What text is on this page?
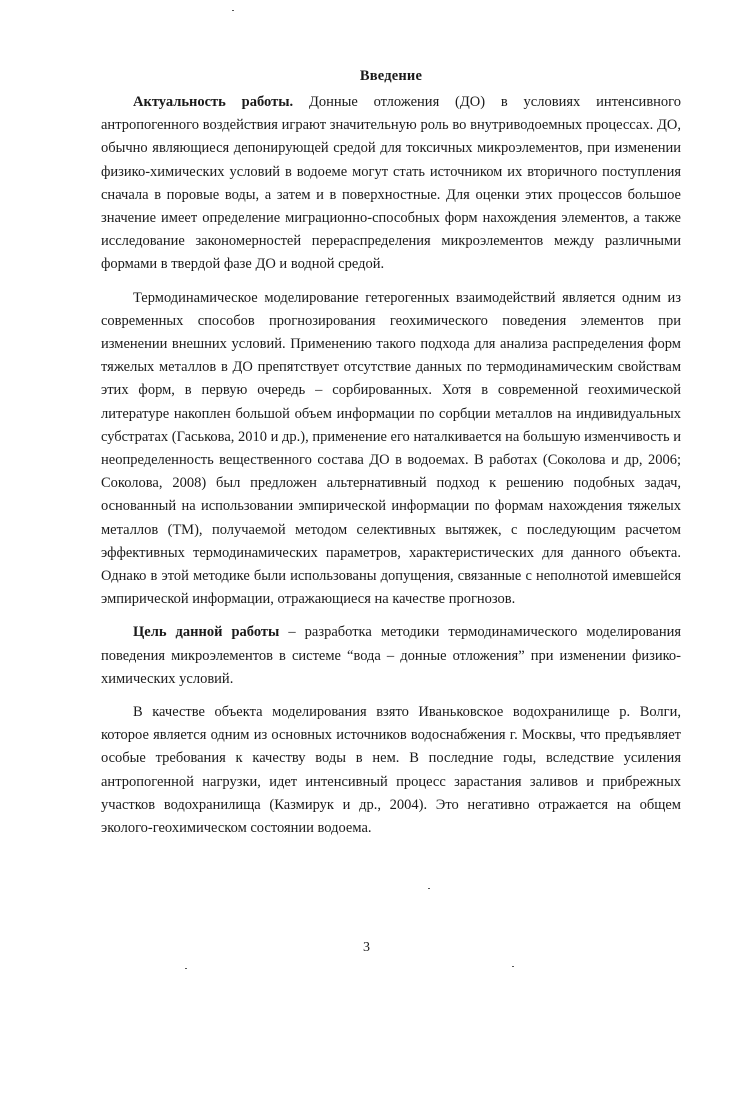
Введение

Актуальность работы. Донные отложения (ДО) в условиях интенсивного антропогенного воздействия играют значительную роль во внутриводоемных процессах. ДО, обычно являющиеся депонирующей средой для токсичных микроэлементов, при изменении физико-химических условий в водоеме могут стать источником их вторичного поступления сначала в поровые воды, а затем и в поверхностные. Для оценки этих процессов большое значение имеет определение миграционно-способных форм нахождения элементов, а также исследование закономерностей перераспределения микроэлементов между различными формами в твердой фазе ДО и водной средой.

Термодинамическое моделирование гетерогенных взаимодействий является одним из современных способов прогнозирования геохимического поведения элементов при изменении внешних условий. Применению такого подхода для анализа распределения форм тяжелых металлов в ДО препятствует отсутствие данных по термодинамическим свойствам этих форм, в первую очередь – сорбированных. Хотя в современной геохимической литературе накоплен большой объем информации по сорбции металлов на индивидуальных субстратах (Гаськова, 2010 и др.), применение его наталкивается на большую изменчивость и неопределенность вещественного состава ДО в водоемах. В работах (Соколова и др, 2006; Соколова, 2008) был предложен альтернативный подход к решению подобных задач, основанный на использовании эмпирической информации по формам нахождения тяжелых металлов (ТМ), получаемой методом селективных вытяжек, с последующим расчетом эффективных термодинамических параметров, характеристических для данного объекта. Однако в этой методике были использованы допущения, связанные с неполнотой имевшейся эмпирической информации, отражающиеся на качестве прогнозов.

Цель данной работы – разработка методики термодинамического моделирования поведения микроэлементов в системе “вода – донные отложения” при изменении физико-химических условий.

В качестве объекта моделирования взято Иваньковское водохранилище р. Волги, которое является одним из основных источников водоснабжения г. Москвы, что предъявляет особые требования к качеству воды в нем. В последние годы, вследствие усиления антропогенной нагрузки, идет интенсивный процесс зарастания заливов и прибрежных участков водохранилища (Казмирук и др., 2004). Это негативно отражается на общем эколого-геохимическом состоянии водоема.

3
